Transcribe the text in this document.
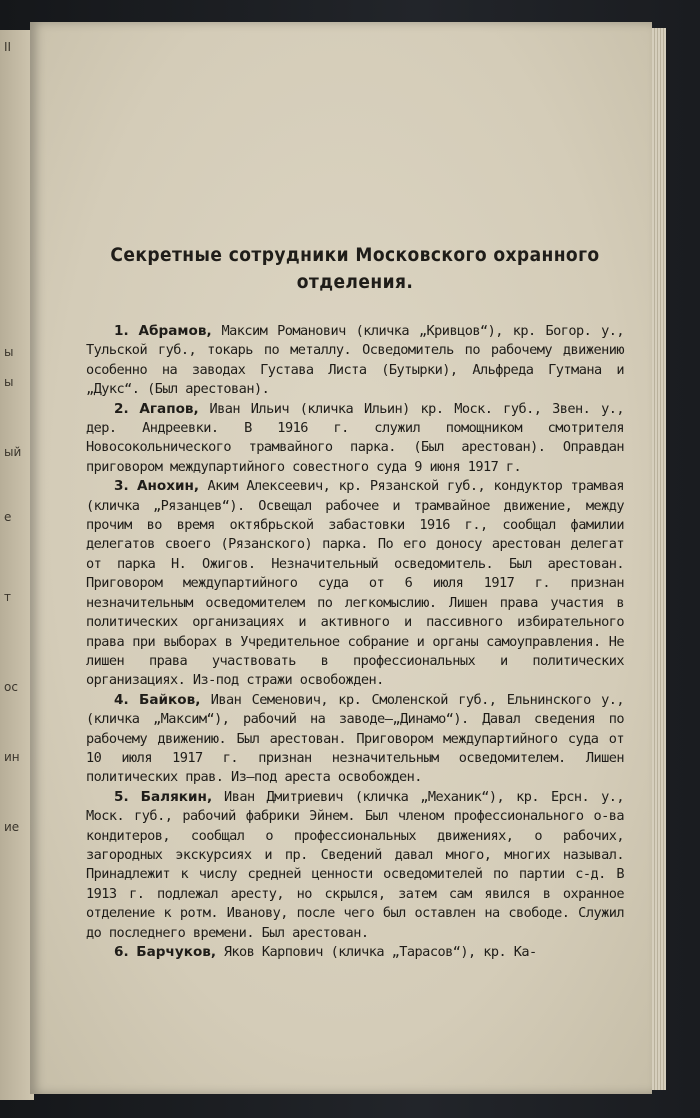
II
ы
ы
ый
е
т
ос
ин
ие
Секретные сотрудники Московского охранного
отделения.

1. Абрамов, Максим Романович (кличка „Кривцов“), кр. Богор. у., Тульской губ., токарь по металлу. Осведомитель по рабочему движению особенно на заводах Густава Листа (Бутырки), Альфреда Гутмана и „Дукс“. (Был арестован).

2. Агапов, Иван Ильич (кличка Ильин) кр. Моск. губ., Звен. у., дер. Андреевки. В 1916 г. служил помощником смотрителя Новосокольнического трамвайного парка. (Был арестован). Оправдан приговором междупартийного совестного суда 9 июня 1917 г.

3. Анохин, Аким Алексеевич, кр. Рязанской губ., кондуктор трамвая (кличка „Рязанцев“). Освещал рабочее и трамвайное движение, между прочим во время октябрьской забастовки 1916 г., сообщал фамилии делегатов своего (Рязанского) парка. По его доносу арестован делегат от парка Н. Ожигов. Незначительный осведомитель. Был арестован. Приговором междупартийного суда от 6 июля 1917 г. признан незначительным осведомителем по легкомыслию. Лишен права участия в политических организациях и активного и пассивного избирательного права при выборах в Учредительное собрание и органы самоуправления. Не лишен права участвовать в профессиональных и политических организациях. Из-под стражи освобожден.

4. Байков, Иван Семенович, кр. Смоленской губ., Ельнинского у., (кличка „Максим“), рабочий на заводе—„Динамо“). Давал сведения по рабочему движению. Был арестован. Приговором междупартийного суда от 10 июля 1917 г. признан незначительным осведомителем. Лишен политических прав. Из—под ареста освобожден.

5. Балякин, Иван Дмитриевич (кличка „Механик“), кр. Ерсн. у., Моск. губ., рабочий фабрики Эйнем. Был членом профессионального о-ва кондитеров, сообщал о профессиональных движениях, о рабочих, загородных экскурсиях и пр. Сведений давал много, многих называл. Принадлежит к числу средней ценности осведомителей по партии с-д. В 1913 г. подлежал аресту, но скрылся, затем сам явился в охранное отделение к ротм. Иванову, после чего был оставлен на свободе. Служил до последнего времени. Был арестован.

6. Барчуков, Яков Карпович (кличка „Тарасов“), кр. Ка-
